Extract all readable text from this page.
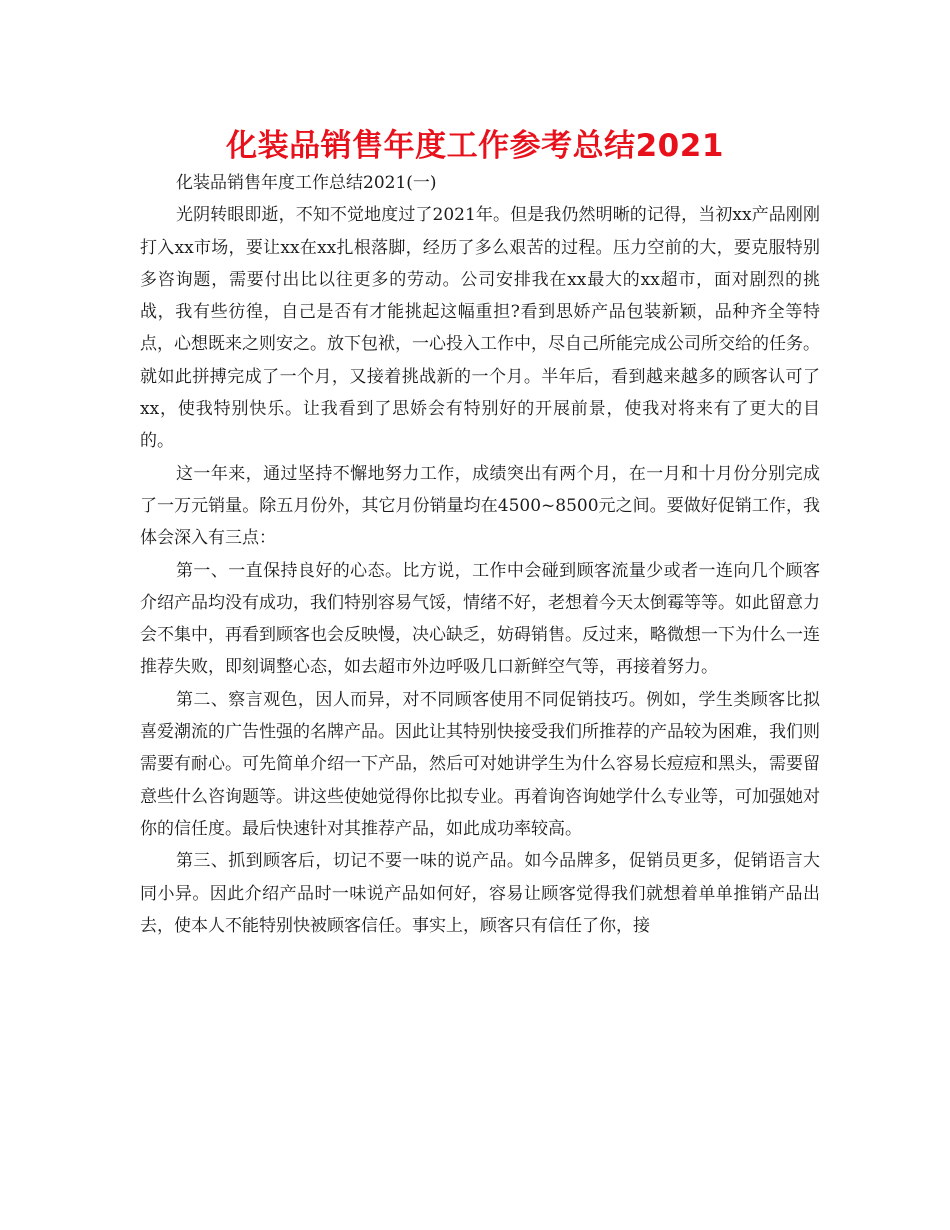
化装品销售年度工作参考总结2021

化装品销售年度工作总结2021(一)

光阴转眼即逝，不知不觉地度过了2021年。但是我仍然明晰的记得，当初xx产品刚刚打入xx市场，要让xx在xx扎根落脚，经历了多么艰苦的过程。压力空前的大，要克服特别多咨询题，需要付出比以往更多的劳动。公司安排我在xx最大的xx超市，面对剧烈的挑战，我有些彷徨，自己是否有才能挑起这幅重担?看到思娇产品包装新颖，品种齐全等特点，心想既来之则安之。放下包袱，一心投入工作中，尽自己所能完成公司所交给的任务。就如此拼搏完成了一个月，又接着挑战新的一个月。半年后，看到越来越多的顾客认可了xx，使我特别快乐。让我看到了思娇会有特别好的开展前景，使我对将来有了更大的目的。

这一年来，通过坚持不懈地努力工作，成绩突出有两个月，在一月和十月份分别完成了一万元销量。除五月份外，其它月份销量均在4500~8500元之间。要做好促销工作，我体会深入有三点：

第一、一直保持良好的心态。比方说，工作中会碰到顾客流量少或者一连向几个顾客介绍产品均没有成功，我们特别容易气馁，情绪不好，老想着今天太倒霉等等。如此留意力会不集中，再看到顾客也会反映慢，决心缺乏，妨碍销售。反过来，略微想一下为什么一连推荐失败，即刻调整心态，如去超市外边呼吸几口新鲜空气等，再接着努力。

第二、察言观色，因人而异，对不同顾客使用不同促销技巧。例如，学生类顾客比拟喜爱潮流的广告性强的名牌产品。因此让其特别快接受我们所推荐的产品较为困难，我们则需要有耐心。可先简单介绍一下产品，然后可对她讲学生为什么容易长痘痘和黑头，需要留意些什么咨询题等。讲这些使她觉得你比拟专业。再着询咨询她学什么专业等，可加强她对你的信任度。最后快速针对其推荐产品，如此成功率较高。

第三、抓到顾客后，切记不要一味的说产品。如今品牌多，促销员更多，促销语言大同小异。因此介绍产品时一味说产品如何好，容易让顾客觉得我们就想着单单推销产品出去，使本人不能特别快被顾客信任。事实上，顾客只有信任了你，接
